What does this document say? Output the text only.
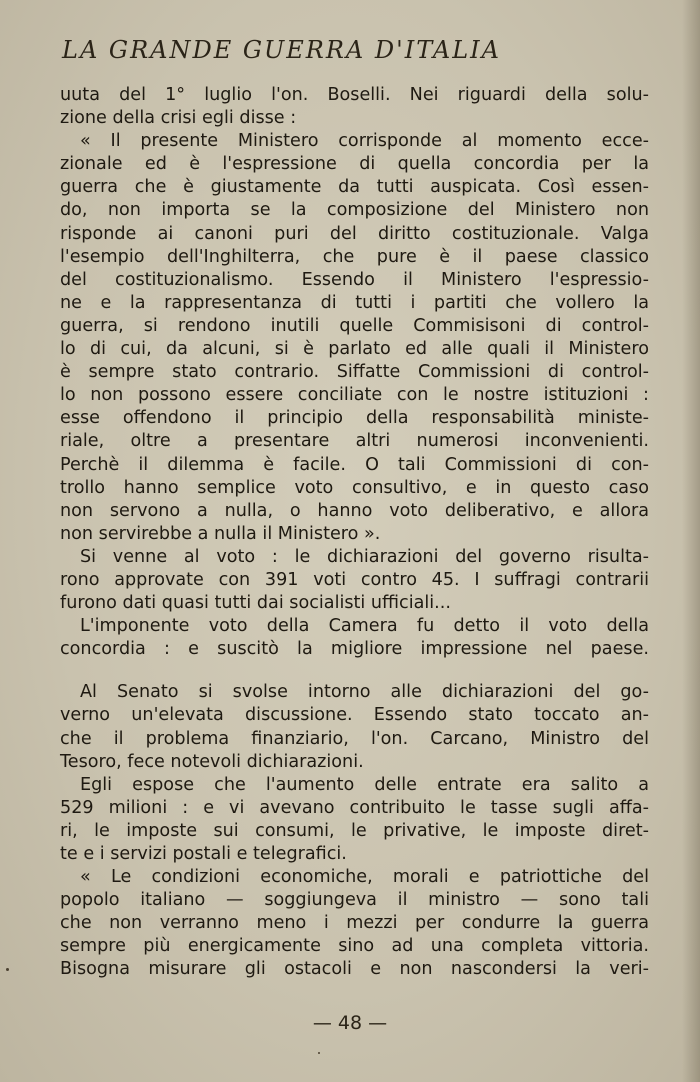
LA GRANDE GUERRA D'ITALIA
uuta del 1° luglio l'on. Boselli. Nei riguardi della solu-
zione della crisi egli disse :
« Il presente Ministero corrisponde al momento ecce-
zionale ed è l'espressione di quella concordia per la
guerra che è giustamente da tutti auspicata. Così essen-
do, non importa se la composizione del Ministero non
risponde ai canoni puri del diritto costituzionale. Valga
l'esempio dell'Inghilterra, che pure è il paese classico
del costituzionalismo. Essendo il Ministero l'espressio-
ne e la rappresentanza di tutti i partiti che vollero la
guerra, si rendono inutili quelle Commisisoni di control-
lo di cui, da alcuni, si è parlato ed alle quali il Ministero
è sempre stato contrario. Siffatte Commissioni di control-
lo non possono essere conciliate con le nostre istituzioni :
esse offendono il principio della responsabilità ministe-
riale, oltre a presentare altri numerosi inconvenienti.
Perchè il dilemma è facile. O tali Commissioni di con-
trollo hanno semplice voto consultivo, e in questo caso
non servono a nulla, o hanno voto deliberativo, e allora
non servirebbe a nulla il Ministero ».
Si venne al voto : le dichiarazioni del governo risulta-
rono approvate con 391 voti contro 45. I suffragi contrarii
furono dati quasi tutti dai socialisti ufficiali...
L'imponente voto della Camera fu detto il voto della
concordia : e suscitò la migliore impressione nel paese.
Al Senato si svolse intorno alle dichiarazioni del go-
verno un'elevata discussione. Essendo stato toccato an-
che il problema finanziario, l'on. Carcano, Ministro del
Tesoro, fece notevoli dichiarazioni.
Egli espose che l'aumento delle entrate era salito a
529 milioni : e vi avevano contribuito le tasse sugli affa-
ri, le imposte sui consumi, le privative, le imposte diret-
te e i servizi postali e telegrafici.
« Le condizioni economiche, morali e patriottiche del
popolo italiano — soggiungeva il ministro — sono tali
che non verranno meno i mezzi per condurre la guerra
sempre più energicamente sino ad una completa vittoria.
Bisogna misurare gli ostacoli e non nascondersi la veri-
— 48 —
